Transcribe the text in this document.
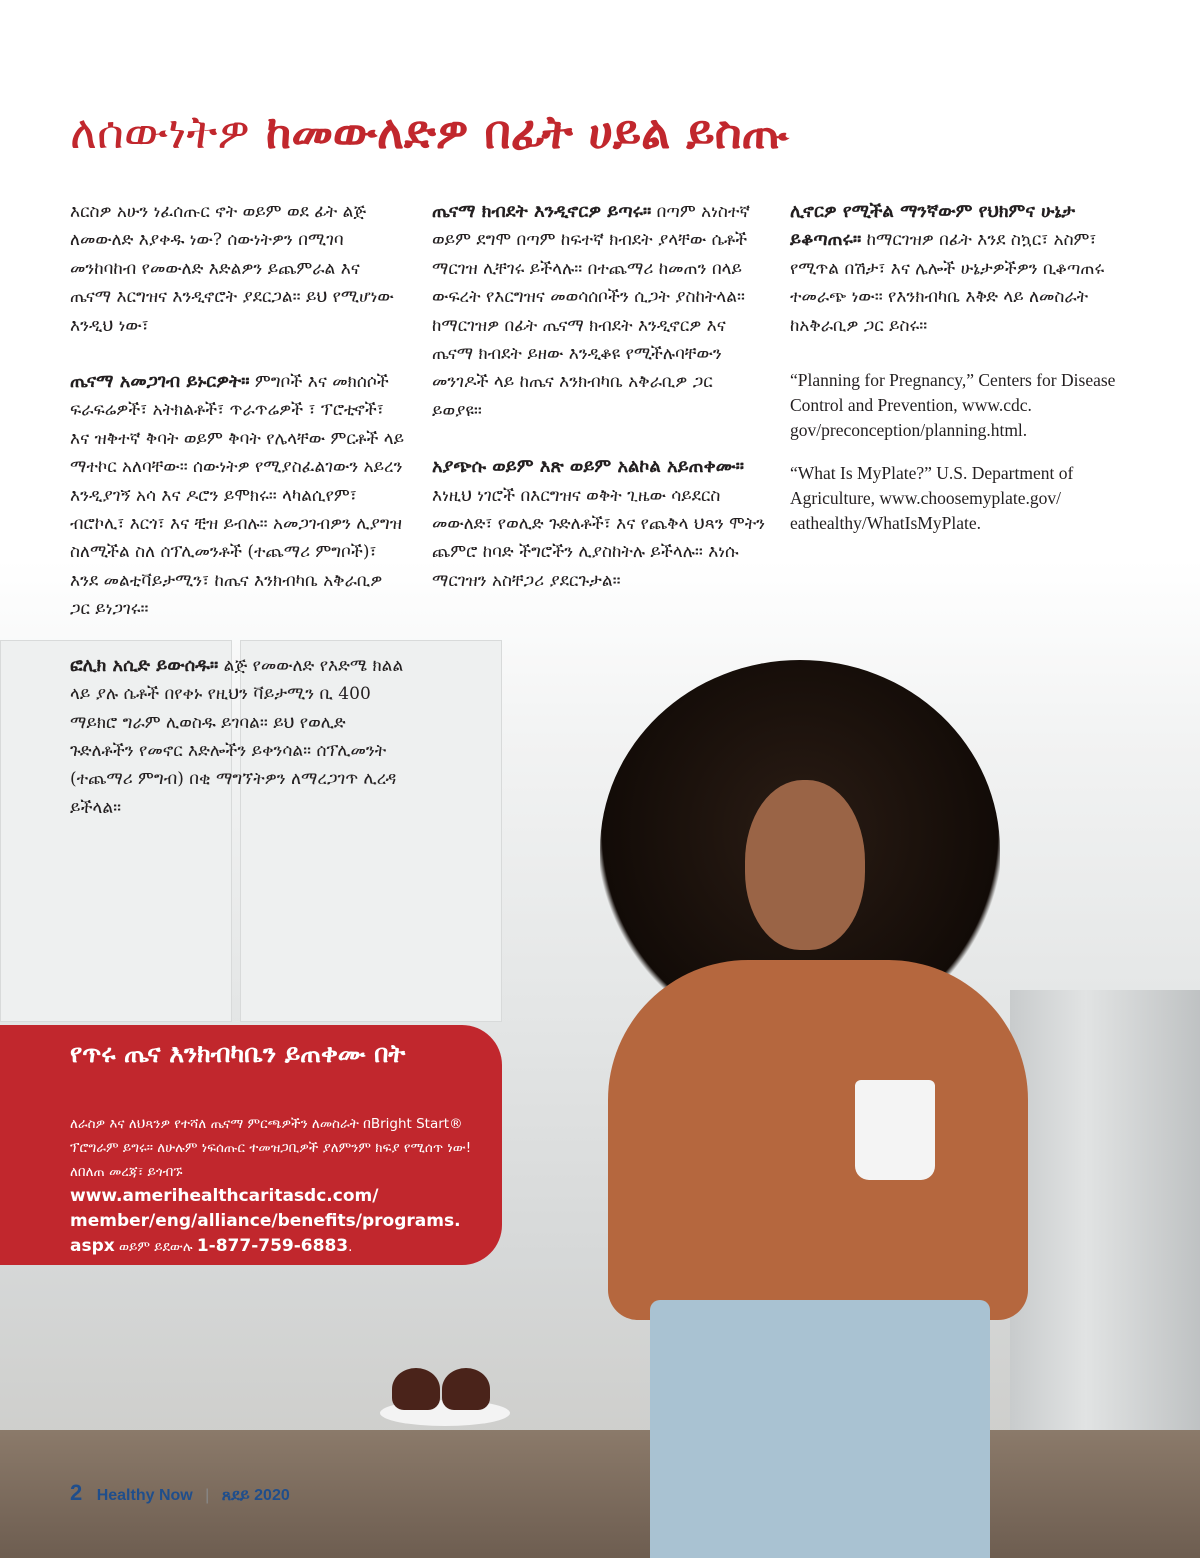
ለሰውነትዎ ከመውለድዎ በፊት ሀይል ይስጡ

እርስዎ አሁን ነፈሰጡር ኖት ወይም ወደ ፊት ልጅ ለመውለድ እያቀዱ ነው? ሰውነትዎን በሚገባ መንከባከብ የመውለድ እድልዎን ይጨምራል እና ጤናማ እርግዝና እንዲኖሮት ያደርጋል። ይህ የሚሆነው እንዲህ ነው፣

ጤናማ አመጋገብ ይኑርዎት። ምግቦች እና መክሰሶች ፍራፍሬዎች፣ አትክልቶች፣ ጥራጥሬዎች ፣ ፕሮቲኖች፣ እና ዝቅተኛ ቅባት ወይም ቅባት የሌላቸው ምርቶች ላይ ማተኮር አለባቸው። ሰውነትዎ የሚያስፈልገውን አይረን እንዲያገኝ አሳ እና ዶሮን ይሞክሩ። ላካልሲየም፣ ብሮኮሊ፣ እርጎ፣ እና ቺዝ ይብሉ። አመጋገብዎን ሊያግዝ ስለሚችል ስለ ሰፕሊመንቶች (ተጨማሪ ምግቦች)፣ እንደ መልቲቫይታሚን፣ ከጤና እንክብካቤ አቅራቢዎ ጋር ይነጋገሩ።

ፎሊክ አሲድ ይውሰዱ። ልጅ የመውለድ የእድሜ ክልል ላይ ያሉ ሴቶች በየቀኑ የዚህን ቫይታሚን ቢ 400 ማይክሮ ግራም ሊወስዱ ይገባል። ይህ የወሊድ ጉድለቶችን የመኖር እድሎችን ይቀንሳል። ሰፕሊመንት (ተጨማሪ ምግብ) በቂ ማግኘትዎን ለማረጋገጥ ሊረዳ ይችላል።

ጤናማ ክብደት እንዲኖርዎ ይጣሩ። በጣም አነስተኛ ወይም ደግሞ በጣም ከፍተኛ ክብደት ያላቸው ሴቶች ማርገዝ ሊቸገሩ ይችላሉ። በተጨማሪ ከመጠን በላይ ውፍረት የእርግዝና መወሳሰቦችን ሲጋት ያስከትላል። ከማርገዝዎ በፊት ጤናማ ክብደት እንዲኖርዎ እና ጤናማ ክብደት ይዘው እንዲቆዩ የሚችሉባቸውን መንገዶች ላይ ከጤና እንክብካቤ አቅራቢዎ ጋር ይወያዩ።

አያጭሱ ወይም እጽ ወይም አልኮል አይጠቀሙ። እነዚህ ነገሮች በእርግዝና ወቅት ጊዜው ሳይደርስ መውለድ፣ የወሊድ ጉድለቶች፣ እና የጨቅላ ህጻን ሞትን ጨምሮ ከባድ ችግሮችን ሊያስከትሉ ይችላሉ። እነሱ ማርገዝን አስቸጋሪ ያደርጉታል።

ሊኖርዎ የሚችል ማንኛውም የህክምና ሁኔታ ይቆጣጠሩ። ከማርገዝዎ በፊት እንደ ስኳር፣ አስም፣ የሚጥል በሽታ፣ እና ሌሎች ሁኔታዎችዎን ቢቆጣጠሩ ተመራጭ ነው። የእንክብካቤ እቅድ ላይ ለመስራት ከአቅራቢዎ ጋር ይስሩ።

“Planning for Pregnancy,” Centers for Disease Control and Prevention, www.cdc. gov/preconception/planning.html.

“What Is MyPlate?” U.S. Department of Agriculture, www.choosemyplate.gov/ eathealthy/WhatIsMyPlate.

የጥሩ ጤና እንክብካቤን ይጠቀሙ በት

ለራስዎ እና ለህጻንዎ የተሻለ ጤናማ ምርጫዎችን ለመስራት በBright Start® ፕሮግራም ይግሩ። ለሁሉም ነፍሰጡር ተመዝጋቢዎች ያለምንም ክፍያ የሚሰጥ ነው! ለበለጠ መረጃ፣ ይጎብኙ www.amerihealthcaritasdc.com/ member/eng/alliance/benefits/programs. aspx ወይም ይደውሉ 1-877-759-6883.

2 Healthy Now | ጸደይ 2020
